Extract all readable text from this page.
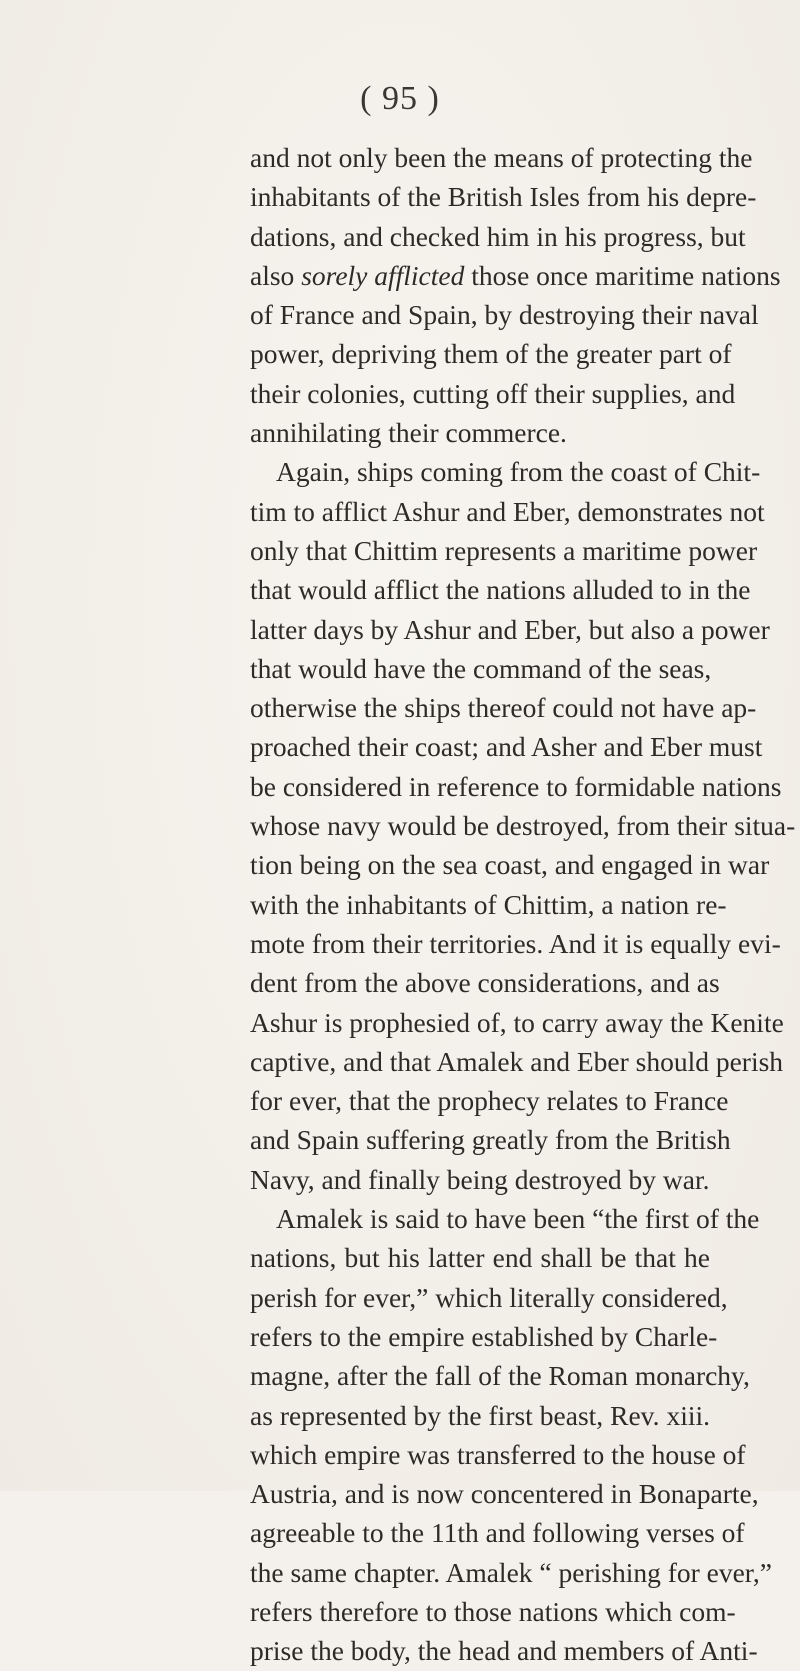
( 95 )
and not only been the means of protecting the
inhabitants of the British Isles from his depre-
dations, and checked him in his progress, but
also sorely afflicted those once maritime nations
of France and Spain, by destroying their naval
power, depriving them of the greater part of
their colonies, cutting off their supplies, and
annihilating their commerce.
Again, ships coming from the coast of Chit-
tim to afflict Ashur and Eber, demonstrates not
only that Chittim represents a maritime power
that would afflict the nations alluded to in the
latter days by Ashur and Eber, but also a power
that would have the command of the seas,
otherwise the ships thereof could not have ap-
proached their coast; and Asher and Eber must
be considered in reference to formidable nations
whose navy would be destroyed, from their situa-
tion being on the sea coast, and engaged in war
with the inhabitants of Chittim, a nation re-
mote from their territories. And it is equally evi-
dent from the above considerations, and as
Ashur is prophesied of, to carry away the Kenite
captive, and that Amalek and Eber should perish
for ever, that the prophecy relates to France
and Spain suffering greatly from the British
Navy, and finally being destroyed by war.
Amalek is said to have been “the first of the
nations, but his latter end shall be that he
perish for ever,” which literally considered,
refers to the empire established by Charle-
magne, after the fall of the Roman monarchy,
as represented by the first beast, Rev. xiii.
which empire was transferred to the house of
Austria, and is now concentered in Bonaparte,
agreeable to the 11th and following verses of
the same chapter. Amalek “ perishing for ever,”
refers therefore to those nations which com-
prise the body, the head and members of Anti-
